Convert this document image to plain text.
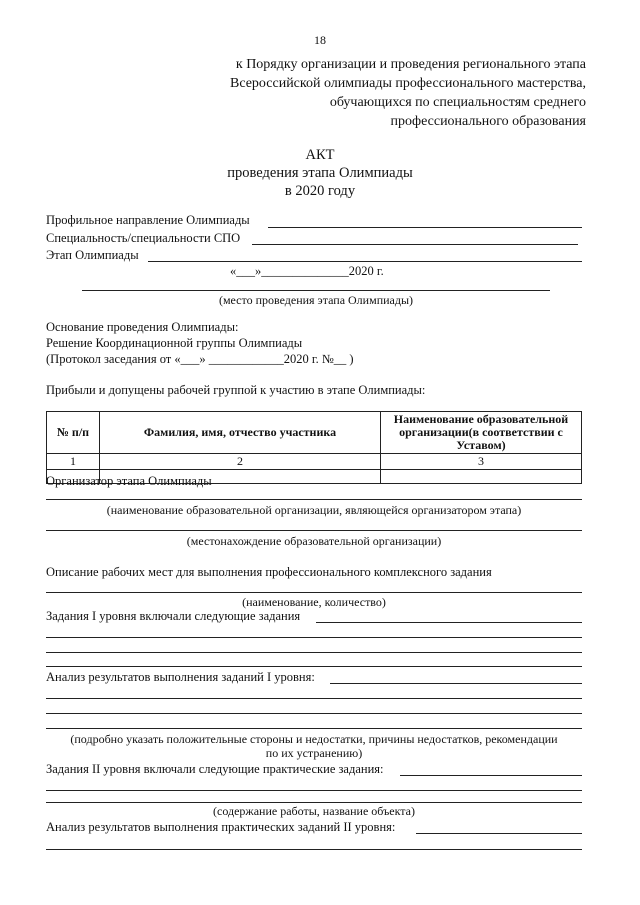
18
к Порядку организации и проведения регионального этапа
Всероссийской олимпиады профессионального мастерства,
обучающихся по специальностям среднего
профессионального образования
АКТ
проведения этапа Олимпиады
в 2020 году
Профильное направление Олимпиады
Специальность/специальности СПО
Этап Олимпиады
«___»______________2020 г.
(место проведения этапа Олимпиады)
Основание проведения Олимпиады:
Решение Координационной группы Олимпиады
(Протокол заседания от «___» ____________2020 г. №__ )
Прибыли и допущены рабочей группой к участию в этапе Олимпиады:
№ п/п	Фамилия, имя, отчество участника	Наименование образовательной организации(в соответствии с Уставом)
1	2	3

Организатор этапа Олимпиады
(наименование образовательной организации, являющейся организатором этапа)
(местонахождение образовательной организации)
Описание рабочих мест для выполнения профессионального комплексного задания
(наименование, количество)
Задания I уровня включали следующие задания
Анализ результатов выполнения заданий I уровня:
(подробно указать положительные стороны и недостатки, причины недостатков, рекомендации
по их устранению)
Задания II уровня включали следующие практические задания:
(содержание работы, название объекта)
Анализ результатов выполнения практических заданий II уровня:
